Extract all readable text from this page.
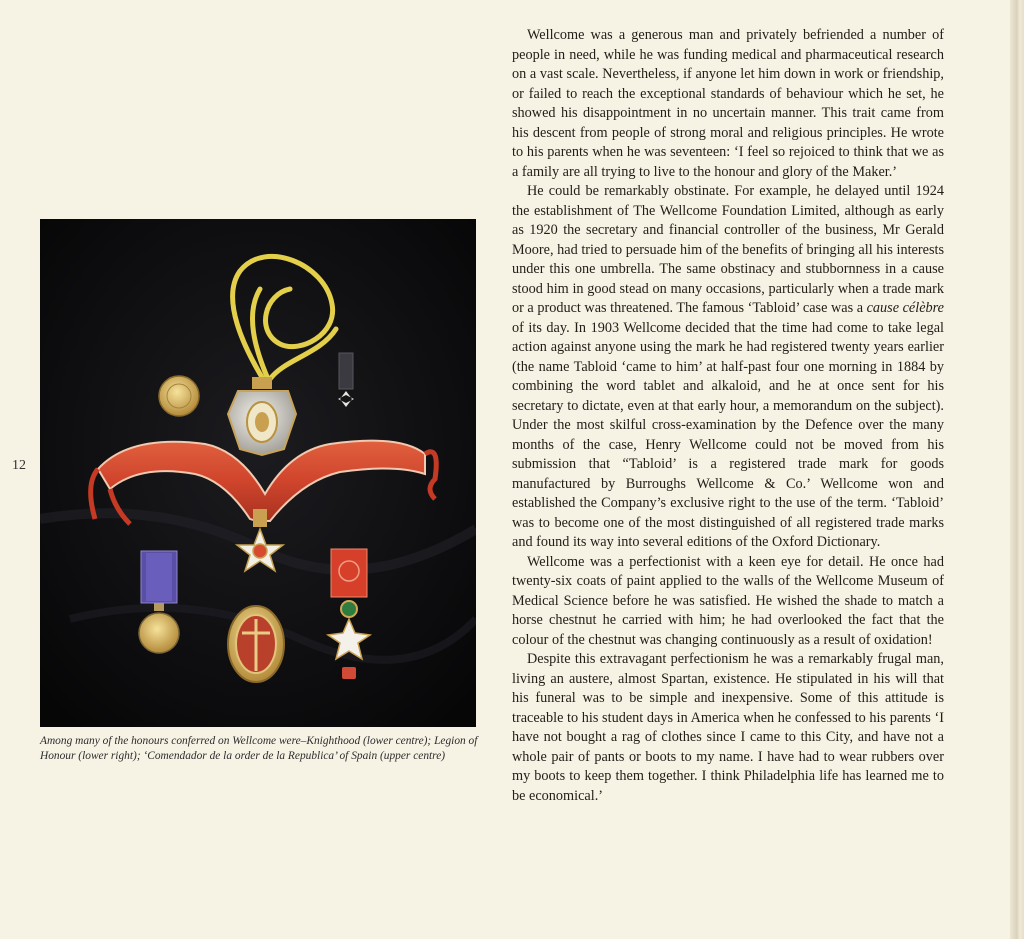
12

Among many of the honours conferred on Wellcome were–Knighthood (lower centre); Legion of Honour (lower right); ‘Comendador de la order de la Republica’ of Spain (upper centre)

Wellcome was a generous man and privately befriended a number of people in need, while he was funding medical and pharmaceutical research on a vast scale. Nevertheless, if anyone let him down in work or friendship, or failed to reach the exceptional standards of behaviour which he set, he showed his disappointment in no uncertain manner. This trait came from his descent from people of strong moral and religious principles. He wrote to his parents when he was seventeen: ‘I feel so rejoiced to think that we as a family are all trying to live to the honour and glory of the Maker.’

He could be remarkably obstinate. For example, he delayed until 1924 the establishment of The Wellcome Foundation Limited, although as early as 1920 the secretary and financial controller of the business, Mr Gerald Moore, had tried to persuade him of the benefits of bringing all his interests under this one umbrella. The same obstinacy and stubbornness in a cause stood him in good stead on many occasions, particularly when a trade mark or a product was threatened. The famous ‘Tabloid’ case was a cause célèbre of its day. In 1903 Wellcome decided that the time had come to take legal action against anyone using the mark he had registered twenty years earlier (the name Tabloid ‘came to him’ at half-past four one morning in 1884 by combining the word tablet and alkaloid, and he at once sent for his secretary to dictate, even at that early hour, a memorandum on the subject). Under the most skilful cross-examination by the Defence over the many months of the case, Henry Wellcome could not be moved from his submission that “Tabloid’ is a registered trade mark for goods manufactured by Burroughs Wellcome & Co.’ Wellcome won and established the Company’s exclusive right to the use of the term. ‘Tabloid’ was to become one of the most distinguished of all registered trade marks and found its way into several editions of the Oxford Dictionary.

Wellcome was a perfectionist with a keen eye for detail. He once had twenty-six coats of paint applied to the walls of the Wellcome Museum of Medical Science before he was satisfied. He wished the shade to match a horse chestnut he carried with him; he had overlooked the fact that the colour of the chestnut was changing continuously as a result of oxidation!

Despite this extravagant perfectionism he was a remarkably frugal man, living an austere, almost Spartan, existence. He stipulated in his will that his funeral was to be simple and inexpensive. Some of this attitude is traceable to his student days in America when he confessed to his parents ‘I have not bought a rag of clothes since I came to this City, and have not a whole pair of pants or boots to my name. I have had to wear rubbers over my boots to keep them together. I think Philadelphia life has learned me to be economical.’
